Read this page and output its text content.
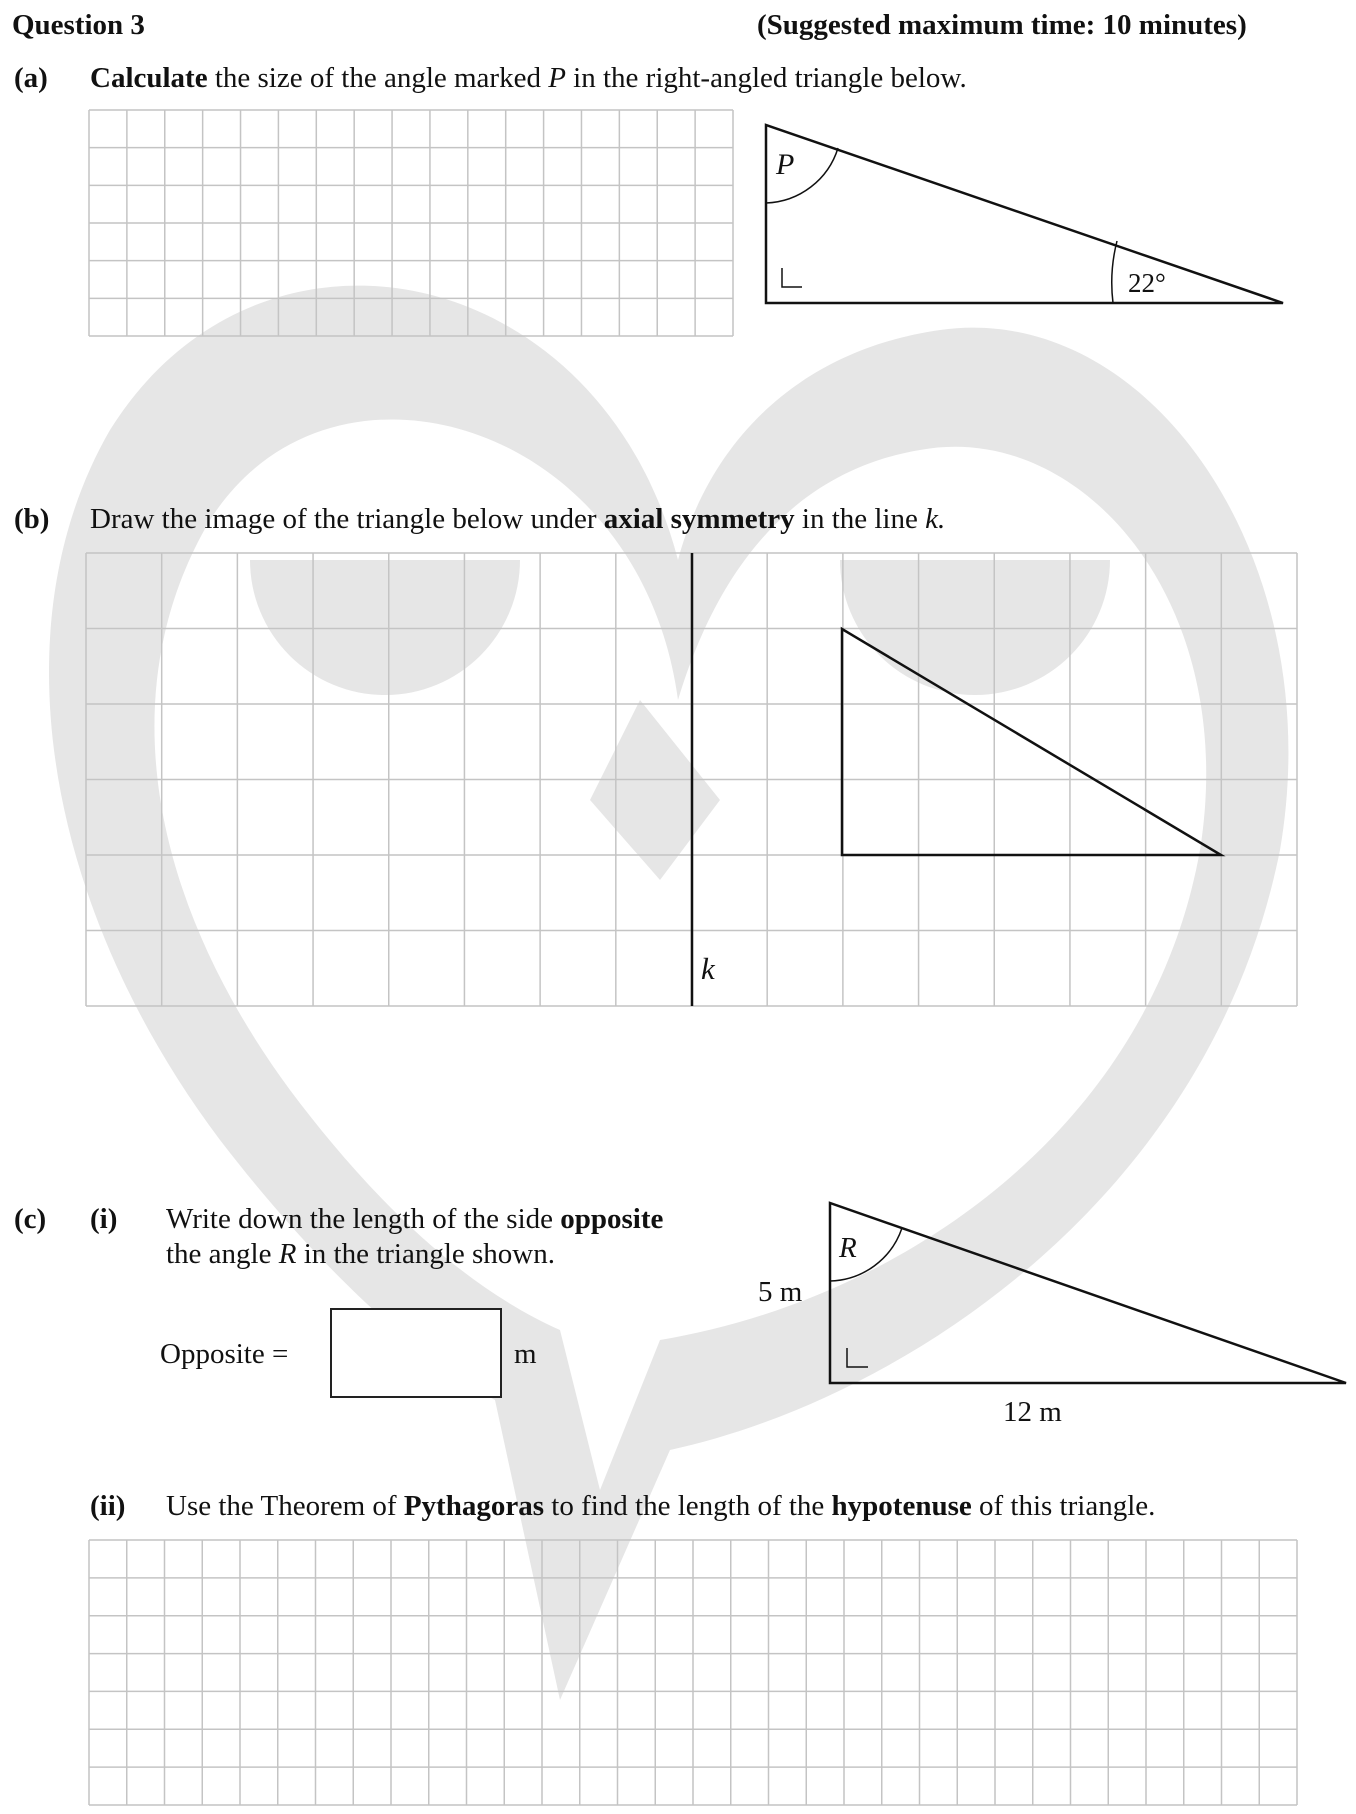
Question 3	(Suggested maximum time: 10 minutes)
(a) Calculate the size of the angle marked P in the right-angled triangle below.
P
22°
(b) Draw the image of the triangle below under axial symmetry in the line k.
k
(c) (i) Write down the length of the side opposite
the angle R in the triangle shown.
Opposite =	m
R
5 m
12 m
(ii) Use the Theorem of Pythagoras to find the length of the hypotenuse of this triangle.
